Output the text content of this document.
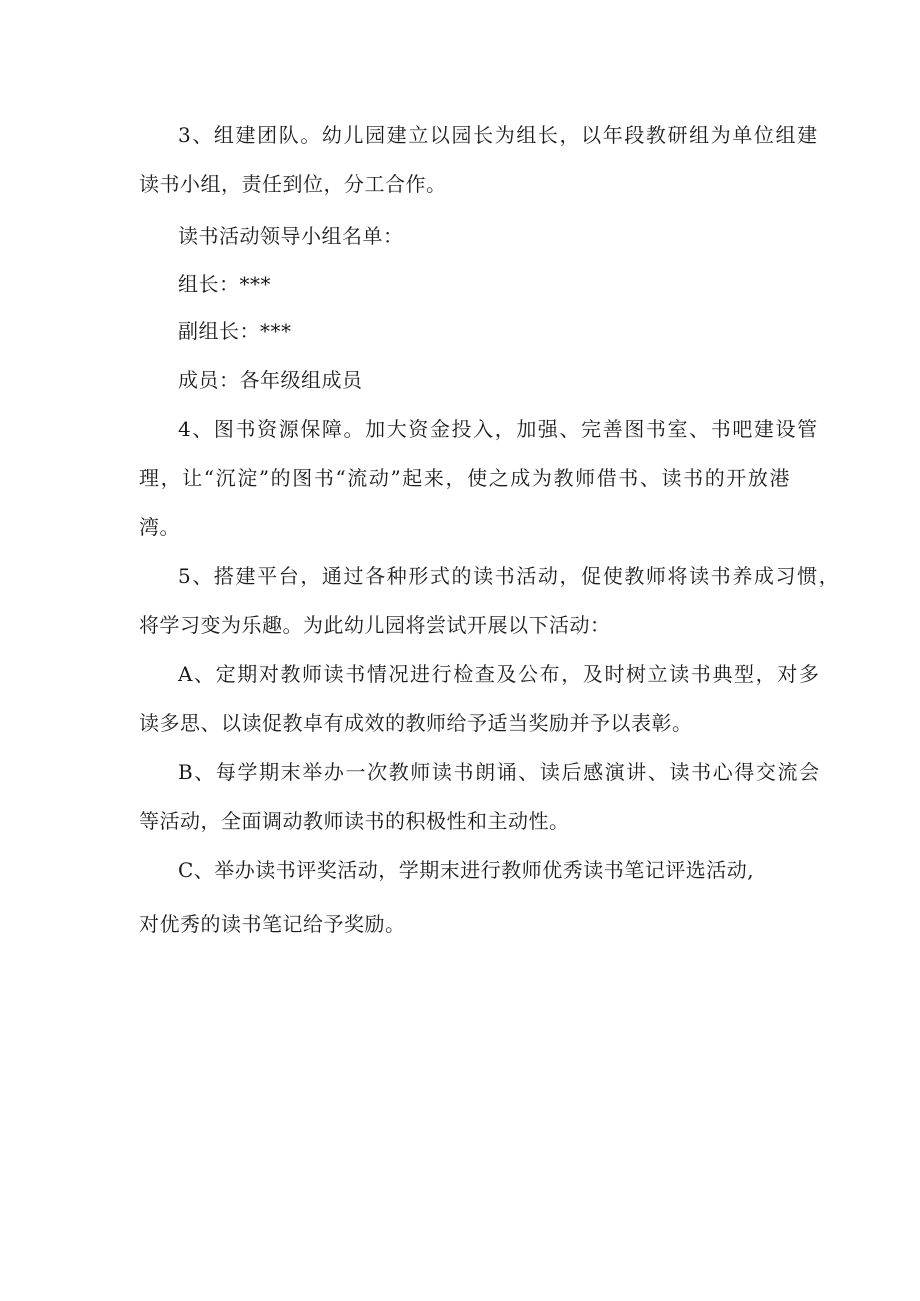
3、组建团队。幼儿园建立以园长为组长，以年段教研组为单位组建
读书小组，责任到位，分工合作。
读书活动领导小组名单：
组长：***
副组长：***
成员：各年级组成员
4、图书资源保障。加大资金投入，加强、完善图书室、书吧建设管
理，让“沉淀”的图书“流动”起来，使之成为教师借书、读书的开放港
湾。
5、搭建平台，通过各种形式的读书活动，促使教师将读书养成习惯，
将学习变为乐趣。为此幼儿园将尝试开展以下活动：
A、定期对教师读书情况进行检查及公布，及时树立读书典型，对多
读多思、以读促教卓有成效的教师给予适当奖励并予以表彰。
B、每学期末举办一次教师读书朗诵、读后感演讲、读书心得交流会
等活动，全面调动教师读书的积极性和主动性。
C、举办读书评奖活动，学期末进行教师优秀读书笔记评选活动,
对优秀的读书笔记给予奖励。
